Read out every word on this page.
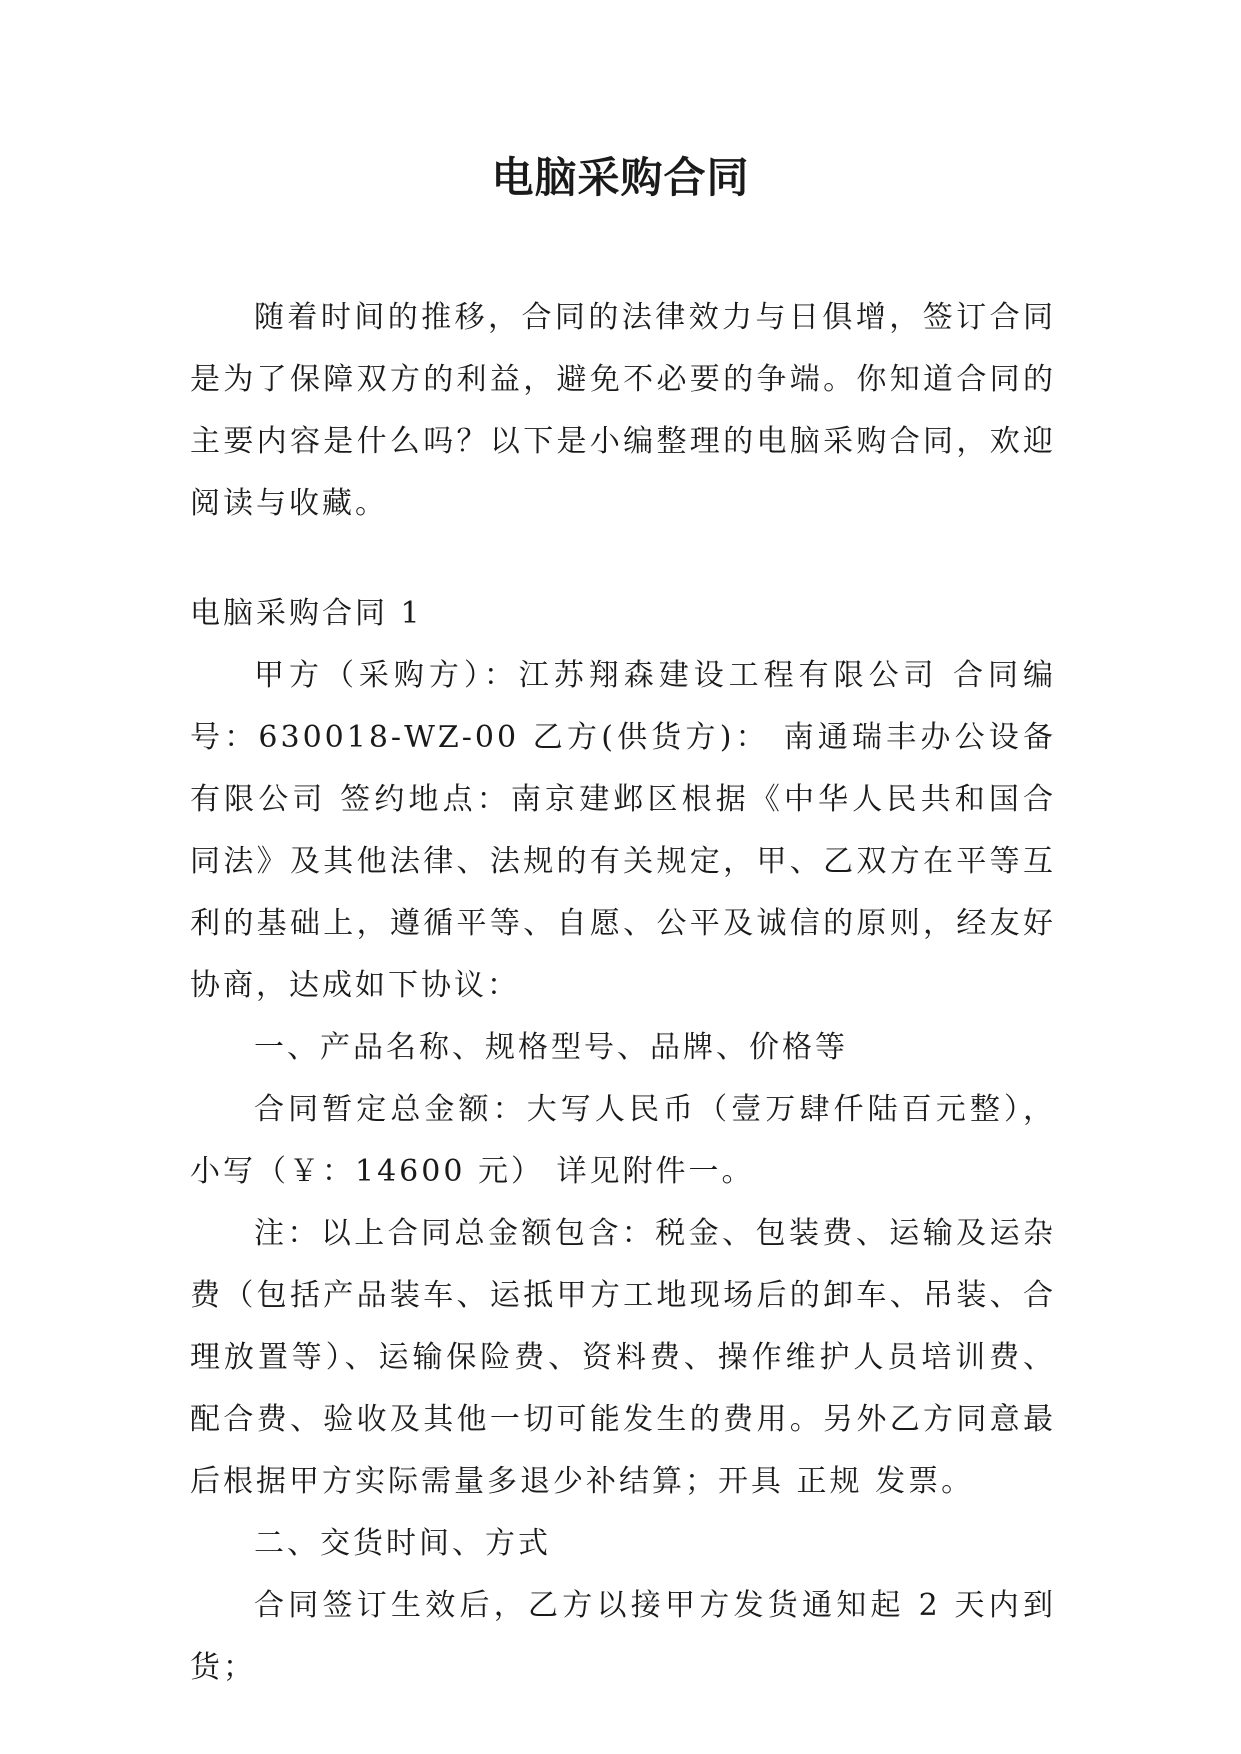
电脑采购合同

随着时间的推移，合同的法律效力与日俱增，签订合同是为了保障双方的利益，避免不必要的争端。你知道合同的主要内容是什么吗？以下是小编整理的电脑采购合同，欢迎阅读与收藏。

电脑采购合同 1

甲方（采购方）：江苏翔森建设工程有限公司 合同编号：630018-WZ-00 乙方(供货方)： 南通瑞丰办公设备有限公司 签约地点：南京建邺区根据《中华人民共和国合同法》及其他法律、法规的有关规定，甲、乙双方在平等互利的基础上，遵循平等、自愿、公平及诚信的原则，经友好协商，达成如下协议：

一、产品名称、规格型号、品牌、价格等

合同暂定总金额：大写人民币（壹万肆仟陆百元整），小写（￥：14600 元） 详见附件一。

注：以上合同总金额包含：税金、包装费、运输及运杂费（包括产品装车、运抵甲方工地现场后的卸车、吊装、合理放置等）、运输保险费、资料费、操作维护人员培训费、配合费、验收及其他一切可能发生的费用。另外乙方同意最后根据甲方实际需量多退少补结算；开具 正规 发票。

二、交货时间、方式

合同签订生效后，乙方以接甲方发货通知起 2 天内到货；
